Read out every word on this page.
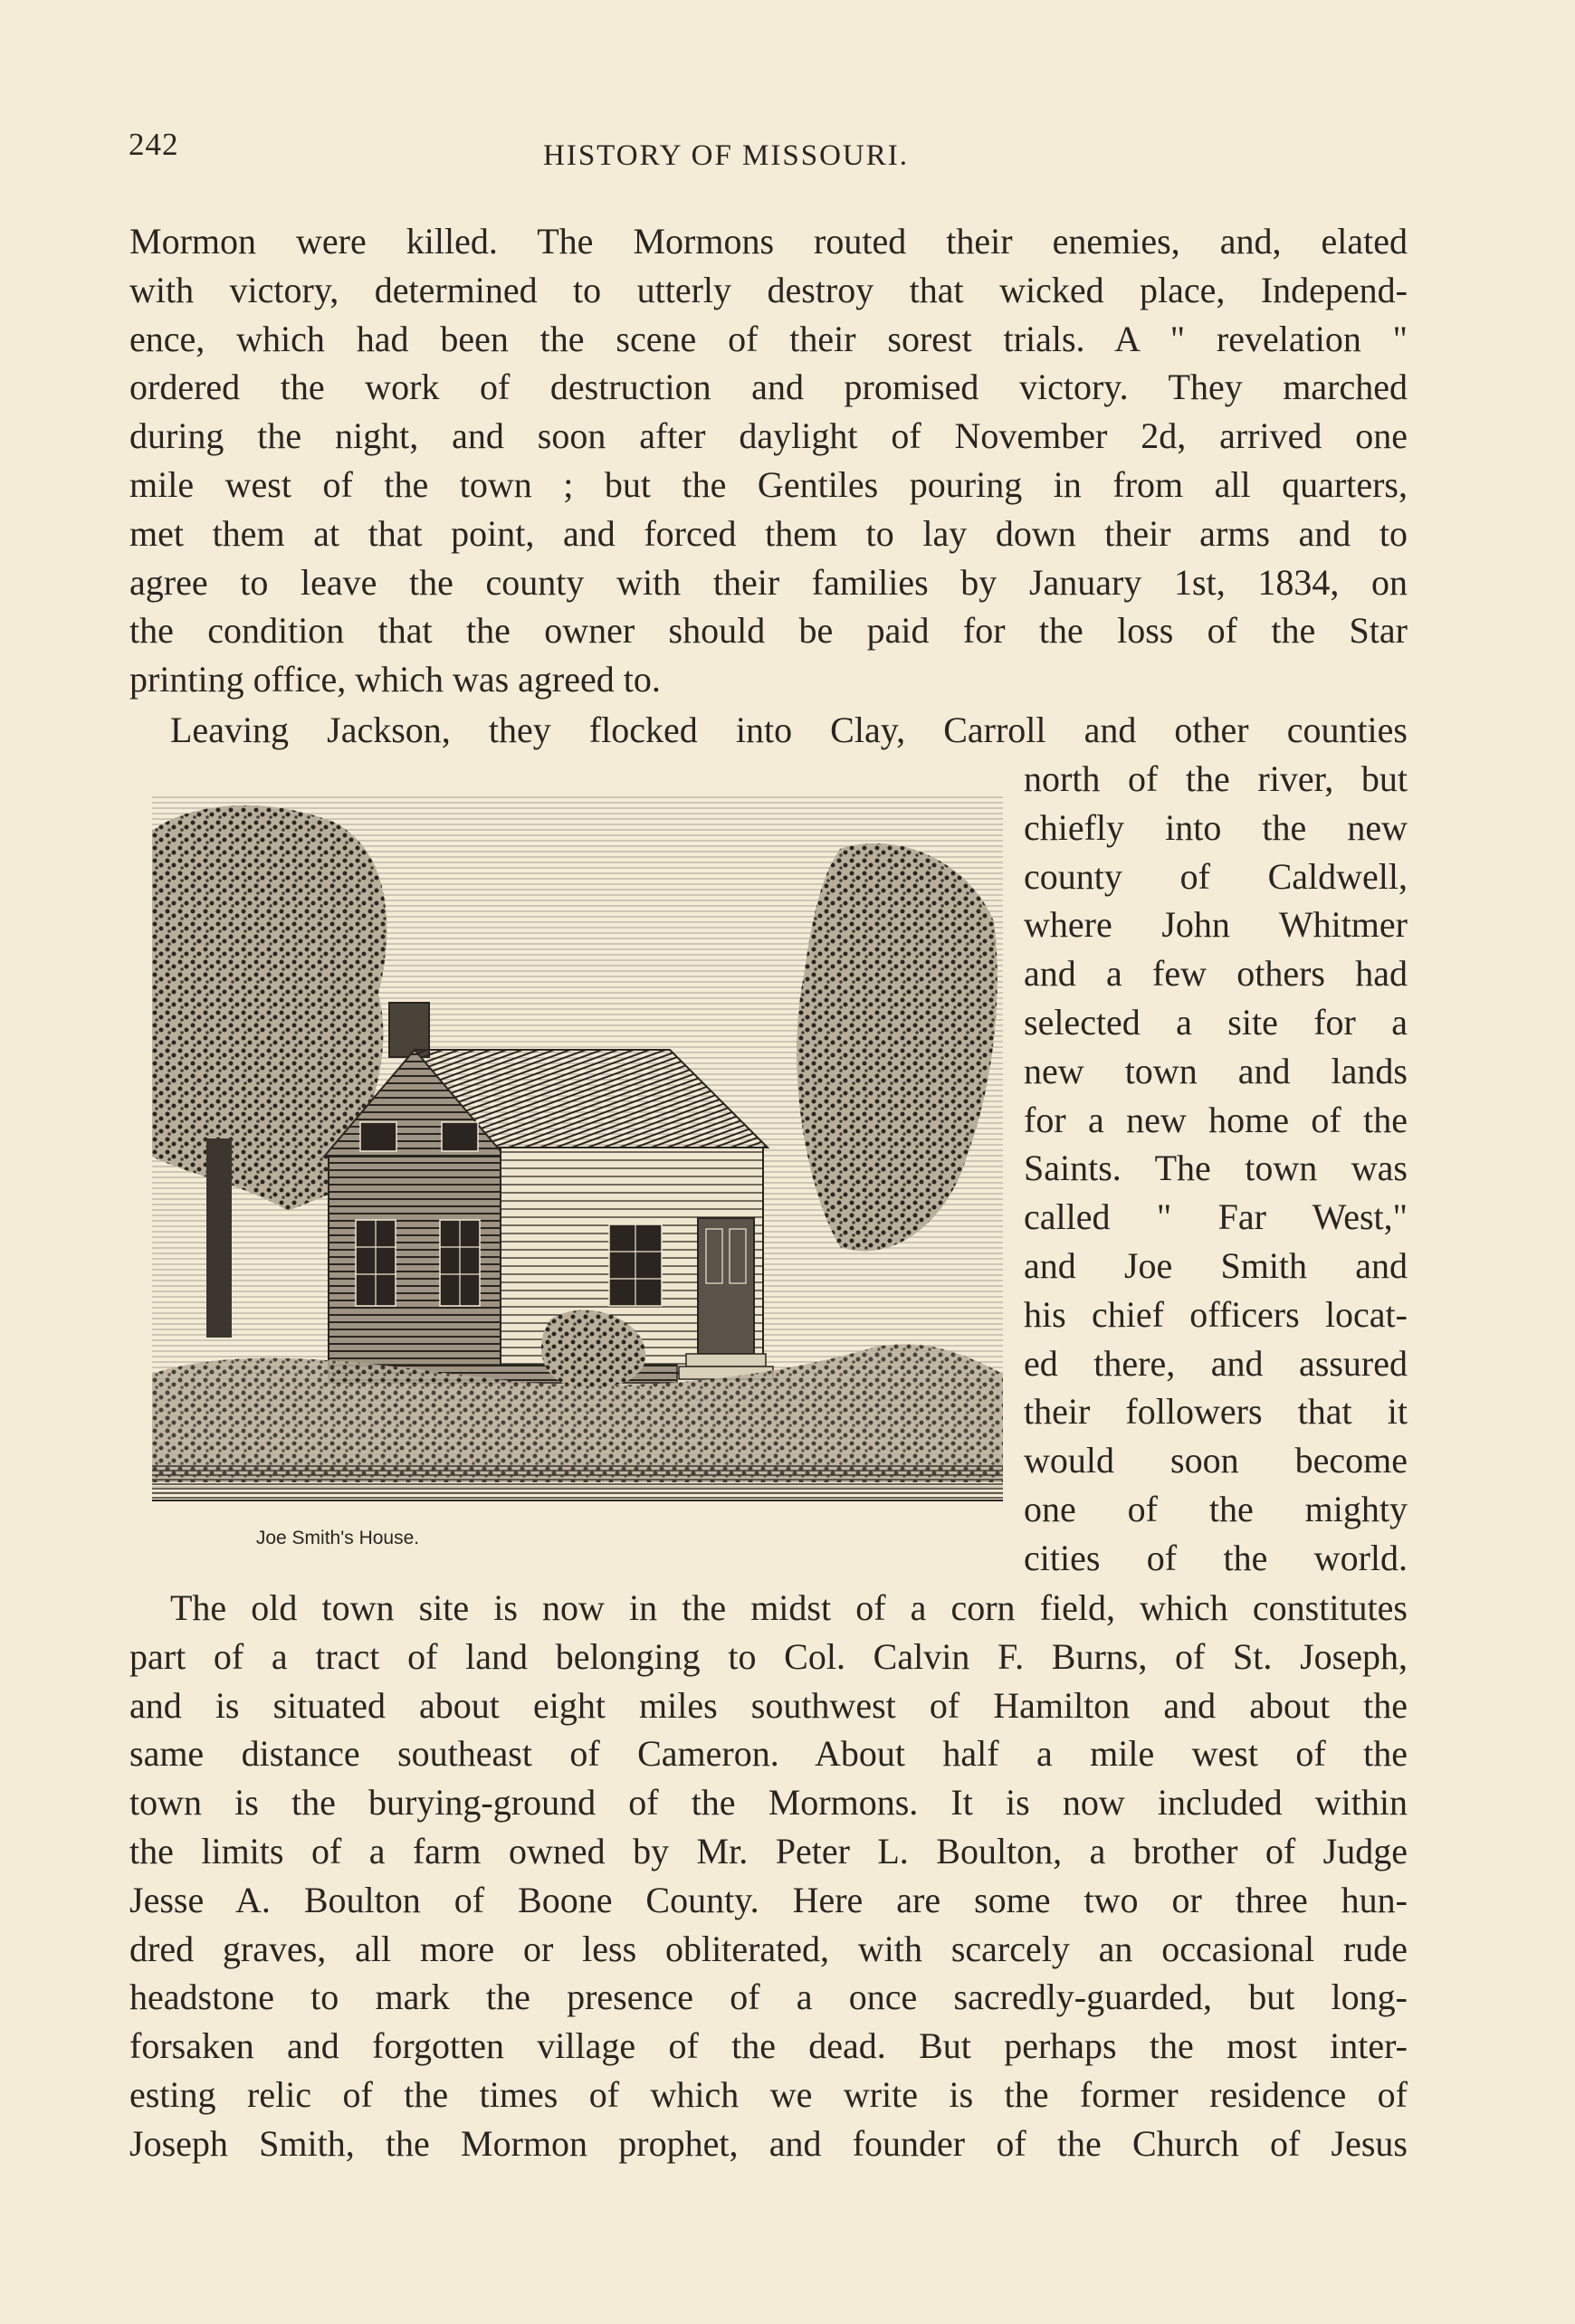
242	HISTORY OF MISSOURI.
Mormon were killed. The Mormons routed their enemies, and, elated
with victory, determined to utterly destroy that wicked place, Independ-
ence, which had been the scene of their sorest trials. A " revelation "
ordered the work of destruction and promised victory. They marched
during the night, and soon after daylight of November 2d, arrived one
mile west of the town ; but the Gentiles pouring in from all quarters,
met them at that point, and forced them to lay down their arms and to
agree to leave the county with their families by January 1st, 1834, on
the condition that the owner should be paid for the loss of the Star
printing office, which was agreed to.
Leaving Jackson, they flocked into Clay, Carroll and other counties
north of the river, but
chiefly into the new
county of Caldwell,
where John Whitmer
and a few others had
selected a site for a
new town and lands
for a new home of the
Saints. The town was
called " Far West,"
and Joe Smith and
his chief officers locat-
ed there, and assured
their followers that it
would soon become
one of the mighty
cities of the world.
Joe Smith's House.
The old town site is now in the midst of a corn field, which constitutes
part of a tract of land belonging to Col. Calvin F. Burns, of St. Joseph,
and is situated about eight miles southwest of Hamilton and about the
same distance southeast of Cameron. About half a mile west of the
town is the burying-ground of the Mormons. It is now included within
the limits of a farm owned by Mr. Peter L. Boulton, a brother of Judge
Jesse A. Boulton of Boone County. Here are some two or three hun-
dred graves, all more or less obliterated, with scarcely an occasional rude
headstone to mark the presence of a once sacredly-guarded, but long-
forsaken and forgotten village of the dead. But perhaps the most inter-
esting relic of the times of which we write is the former residence of
Joseph Smith, the Mormon prophet, and founder of the Church of Jesus
